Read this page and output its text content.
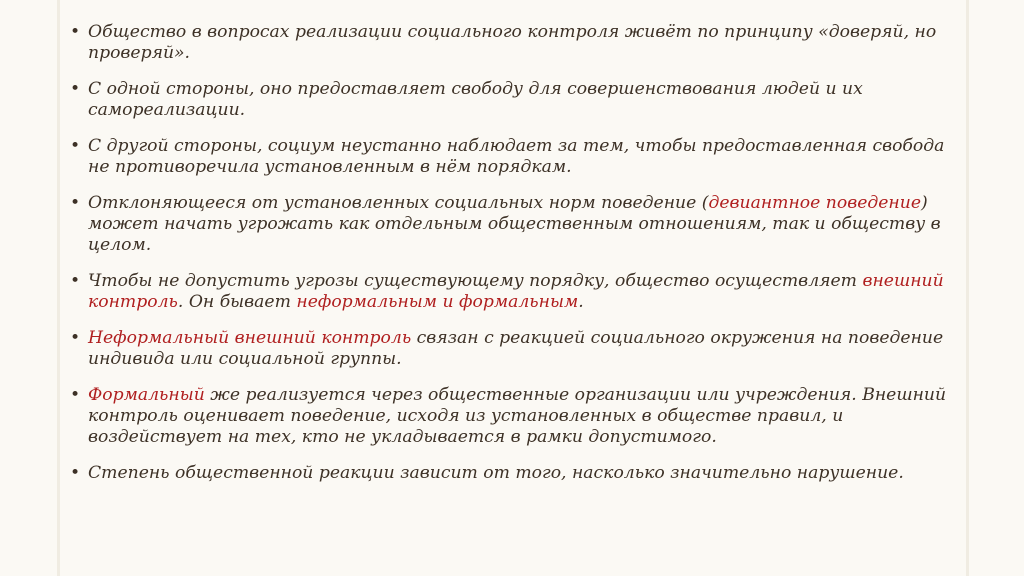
• Общество в вопросах реализации социального контроля живёт по принципу «доверяй, но проверяй».
• С одной стороны, оно предоставляет свободу для совершенствования людей и их самореализации.
• С другой стороны, социум неустанно наблюдает за тем, чтобы предоставленная свобода не противоречила установленным в нём порядкам.
• Отклоняющееся от установленных социальных норм поведение (девиантное поведение) может начать угрожать как отдельным общественным отношениям, так и обществу в целом.
• Чтобы не допустить угрозы существующему порядку, общество осуществляет внешний контроль. Он бывает неформальным и формальным.
• Неформальный внешний контроль связан с реакцией социального окружения на поведение индивида или социальной группы.
• Формальный же реализуется через общественные организации или учреждения. Внешний контроль оценивает поведение, исходя из установленных в обществе правил, и воздействует на тех, кто не укладывается в рамки допустимого.
• Степень общественной реакции зависит от того, насколько значительно нарушение.
